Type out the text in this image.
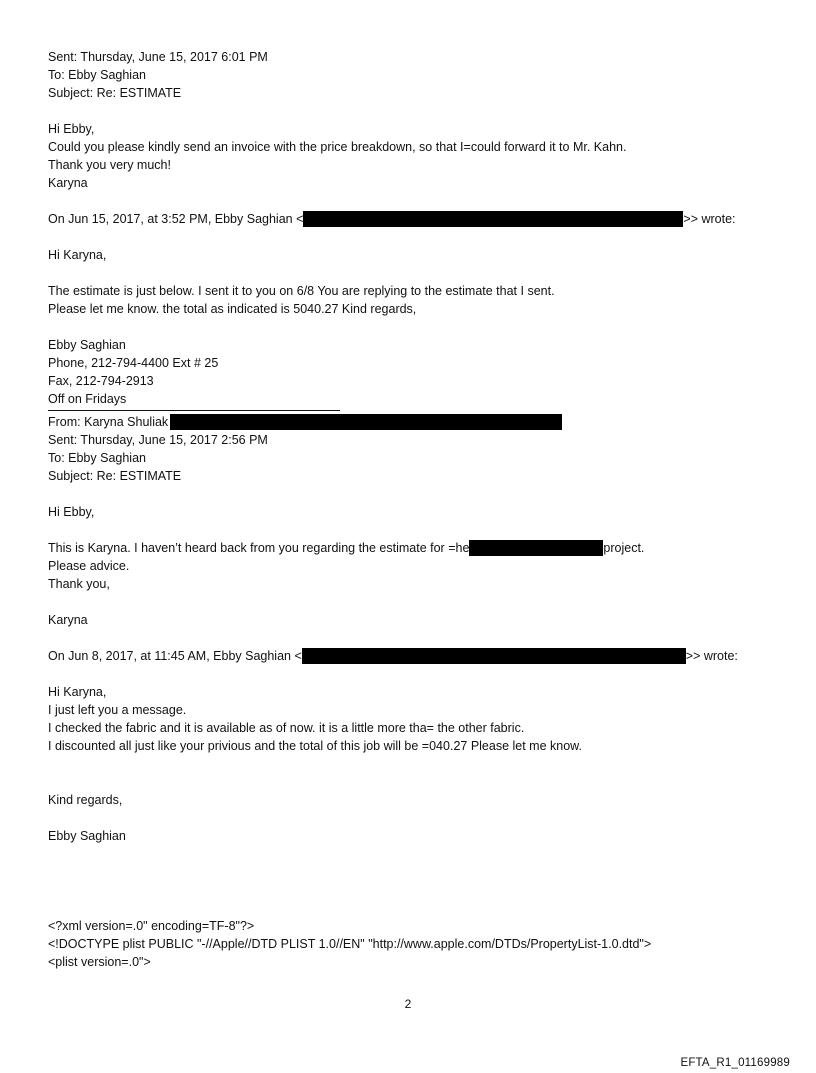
Sent: Thursday, June 15, 2017 6:01 PM
To: Ebby Saghian
Subject: Re: ESTIMATE
Hi Ebby,
Could you please kindly send an invoice with the price breakdown, so that I=could forward it to Mr. Kahn.
Thank you very much!
Karyna
On Jun 15, 2017, at 3:52 PM, Ebby Saghian <	>> wrote:
Hi Karyna,
The estimate is just below. I sent it to you on 6/8 You are replying to the estimate that I sent.
Please let me know. the total as indicated is 5040.27 Kind regards,
Ebby Saghian
Phone, 212-794-4400 Ext # 25
Fax, 212-794-2913
Off on Fridays
From: Karyna Shuliak
Sent: Thursday, June 15, 2017 2:56 PM
To: Ebby Saghian
Subject: Re: ESTIMATE
Hi Ebby,
This is Karyna. I haven’t heard back from you regarding the estimate for =he	project.
Please advice.
Thank you,
Karyna
On Jun 8, 2017, at 11:45 AM, Ebby Saghian <	>> wrote:
Hi Karyna,
I just left you a message.
I checked the fabric and it is available as of now. it is a little more tha= the other fabric.
I discounted all just like your privious and the total of this job will be =040.27 Please let me know.
Kind regards,
Ebby Saghian
<?xml version=.0" encoding=TF-8"?>
<!DOCTYPE plist PUBLIC "-//Apple//DTD PLIST 1.0//EN" "http://www.apple.com/DTDs/PropertyList-1.0.dtd">
<plist version=.0">
2
EFTA_R1_01169989
